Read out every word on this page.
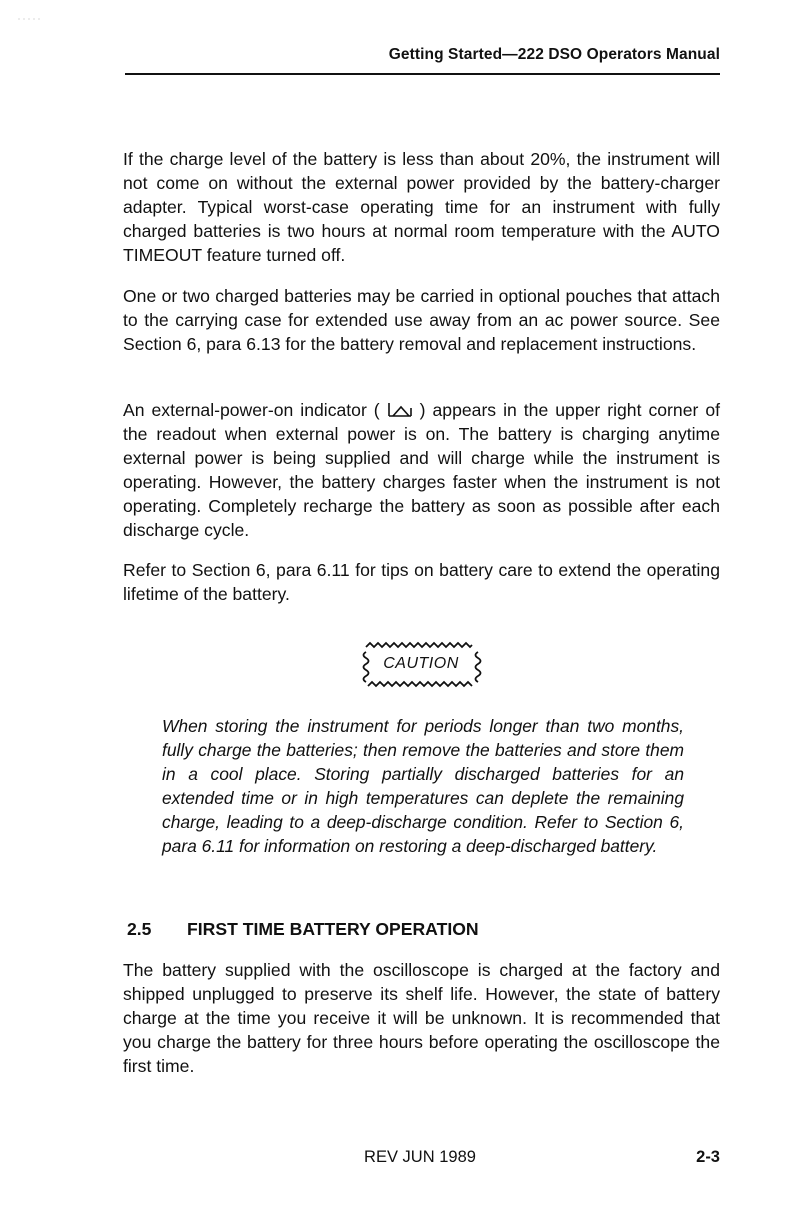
Getting Started—222 DSO Operators Manual
If the charge level of the battery is less than about 20%, the instrument will not come on without the external power provided by the battery-charger adapter. Typical worst-case operating time for an instrument with fully charged batteries is two hours at normal room temperature with the AUTO TIMEOUT feature turned off.
One or two charged batteries may be carried in optional pouches that attach to the carrying case for extended use away from an ac power source. See Section 6, para 6.13 for the battery removal and replacement instructions.
An external-power-on indicator ( ) appears in the upper right corner of the readout when external power is on. The battery is charging anytime external power is being supplied and will charge while the instrument is operating. However, the battery charges faster when the instrument is not operating. Completely recharge the battery as soon as possible after each discharge cycle.
Refer to Section 6, para 6.11 for tips on battery care to extend the operating lifetime of the battery.
CAUTION
When storing the instrument for periods longer than two months, fully charge the batteries; then remove the batteries and store them in a cool place. Storing partially discharged batteries for an extended time or in high temperatures can deplete the remaining charge, leading to a deep-discharge condition. Refer to Section 6, para 6.11 for information on restoring a deep-discharged battery.
2.5 FIRST TIME BATTERY OPERATION
The battery supplied with the oscilloscope is charged at the factory and shipped unplugged to preserve its shelf life. However, the state of battery charge at the time you receive it will be unknown. It is recommended that you charge the battery for three hours before operating the oscilloscope the first time.
REV JUN 1989	2-3
